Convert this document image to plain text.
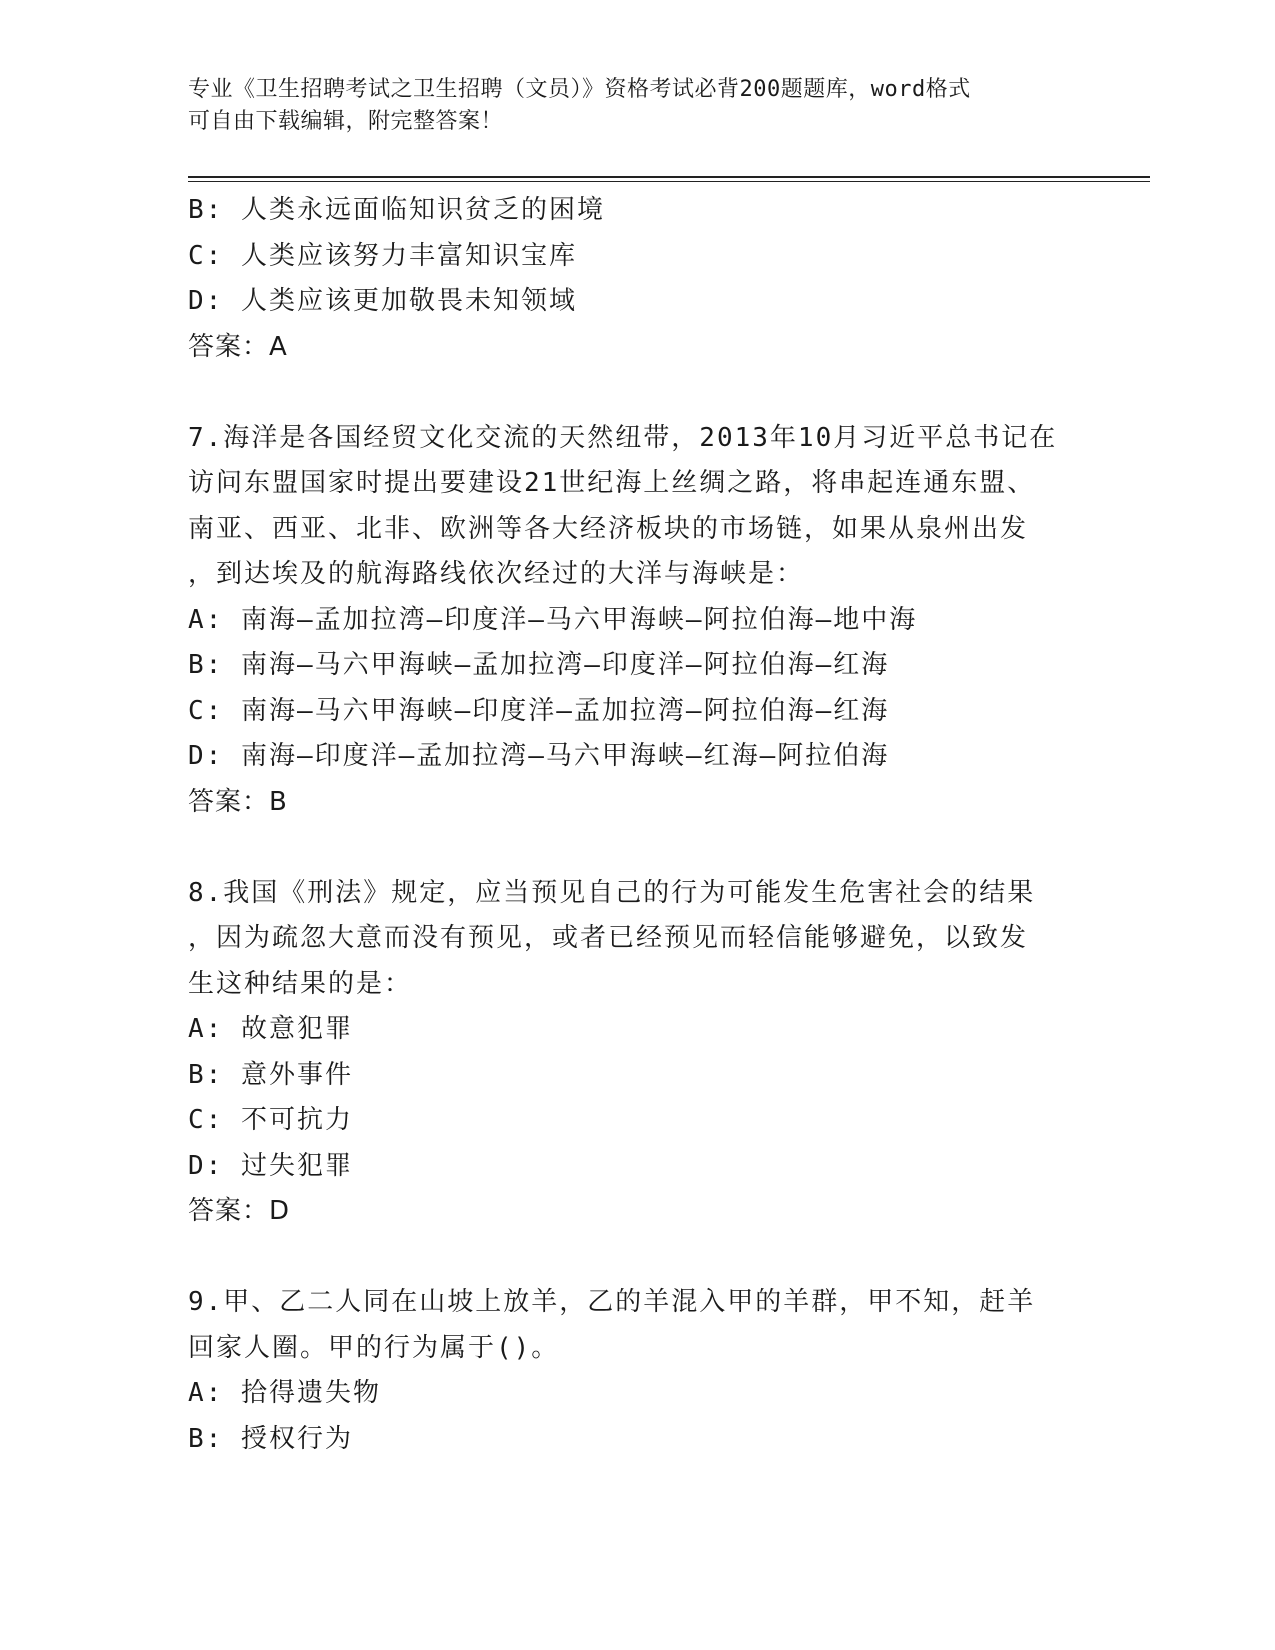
专业《卫生招聘考试之卫生招聘（文员）》资格考试必背200题题库，word格式
可自由下载编辑，附完整答案！
B: 人类永远面临知识贫乏的困境
C: 人类应该努力丰富知识宝库
D: 人类应该更加敬畏未知领域
答案：A
7.海洋是各国经贸文化交流的天然纽带，2013年10月习近平总书记在
访问东盟国家时提出要建设21世纪海上丝绸之路，将串起连通东盟、
南亚、西亚、北非、欧洲等各大经济板块的市场链，如果从泉州出发
，到达埃及的航海路线依次经过的大洋与海峡是：
A: 南海—孟加拉湾—印度洋—马六甲海峡—阿拉伯海—地中海
B: 南海—马六甲海峡—孟加拉湾—印度洋—阿拉伯海—红海
C: 南海—马六甲海峡—印度洋—孟加拉湾—阿拉伯海—红海
D: 南海—印度洋—孟加拉湾—马六甲海峡—红海—阿拉伯海
答案：B
8.我国《刑法》规定，应当预见自己的行为可能发生危害社会的结果
，因为疏忽大意而没有预见，或者已经预见而轻信能够避免，以致发
生这种结果的是：
A: 故意犯罪
B: 意外事件
C: 不可抗力
D: 过失犯罪
答案：D
9.甲、乙二人同在山坡上放羊，乙的羊混入甲的羊群，甲不知，赶羊
回家人圈。甲的行为属于()。
A: 拾得遗失物
B: 授权行为
